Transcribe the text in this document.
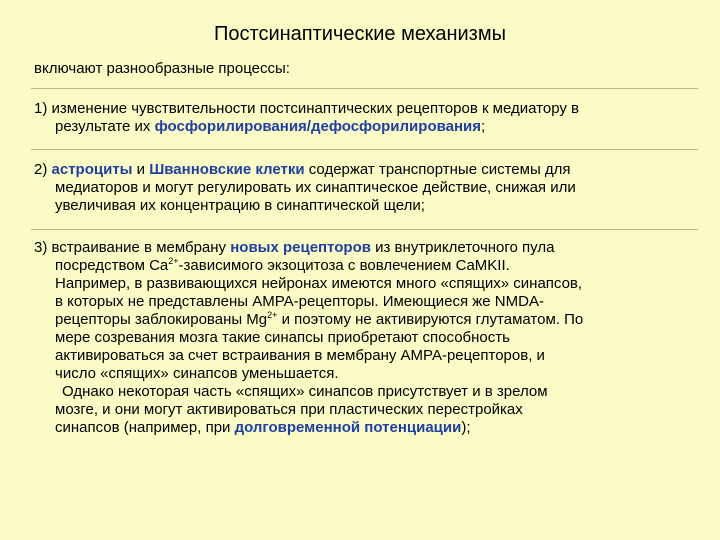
Постсинаптические механизмы
включают разнообразные процессы:
1) изменение чувствительности постсинаптических рецепторов к медиатору в
результате их фосфорилирования/дефосфорилирования;
2) астроциты и Шванновские клетки содержат транспортные системы для
медиаторов и могут регулировать их синаптическое действие, снижая или
увеличивая их концентрацию в синаптической щели;
3) встраивание в мембрану новых рецепторов из внутриклеточного пула
посредством $Ca^{2+}$-зависимого экзоцитоза с вовлечением CaMKII.
Например, в развивающихся нейронах имеются много «спящих» синапсов,
в которых не представлены AMPA-рецепторы. Имеющиеся же NMDA-
рецепторы заблокированы $Mg^{2+}$ и поэтому не активируются глутаматом. По
мере созревания мозга такие синапсы приобретают способность
активироваться за счет встраивания в мембрану AMPA-рецепторов, и
число «спящих» синапсов уменьшается.
Однако некоторая часть «спящих» синапсов присутствует и в зрелом
мозге, и они могут активироваться при пластических перестройках
синапсов (например, при долговременной потенциации);
